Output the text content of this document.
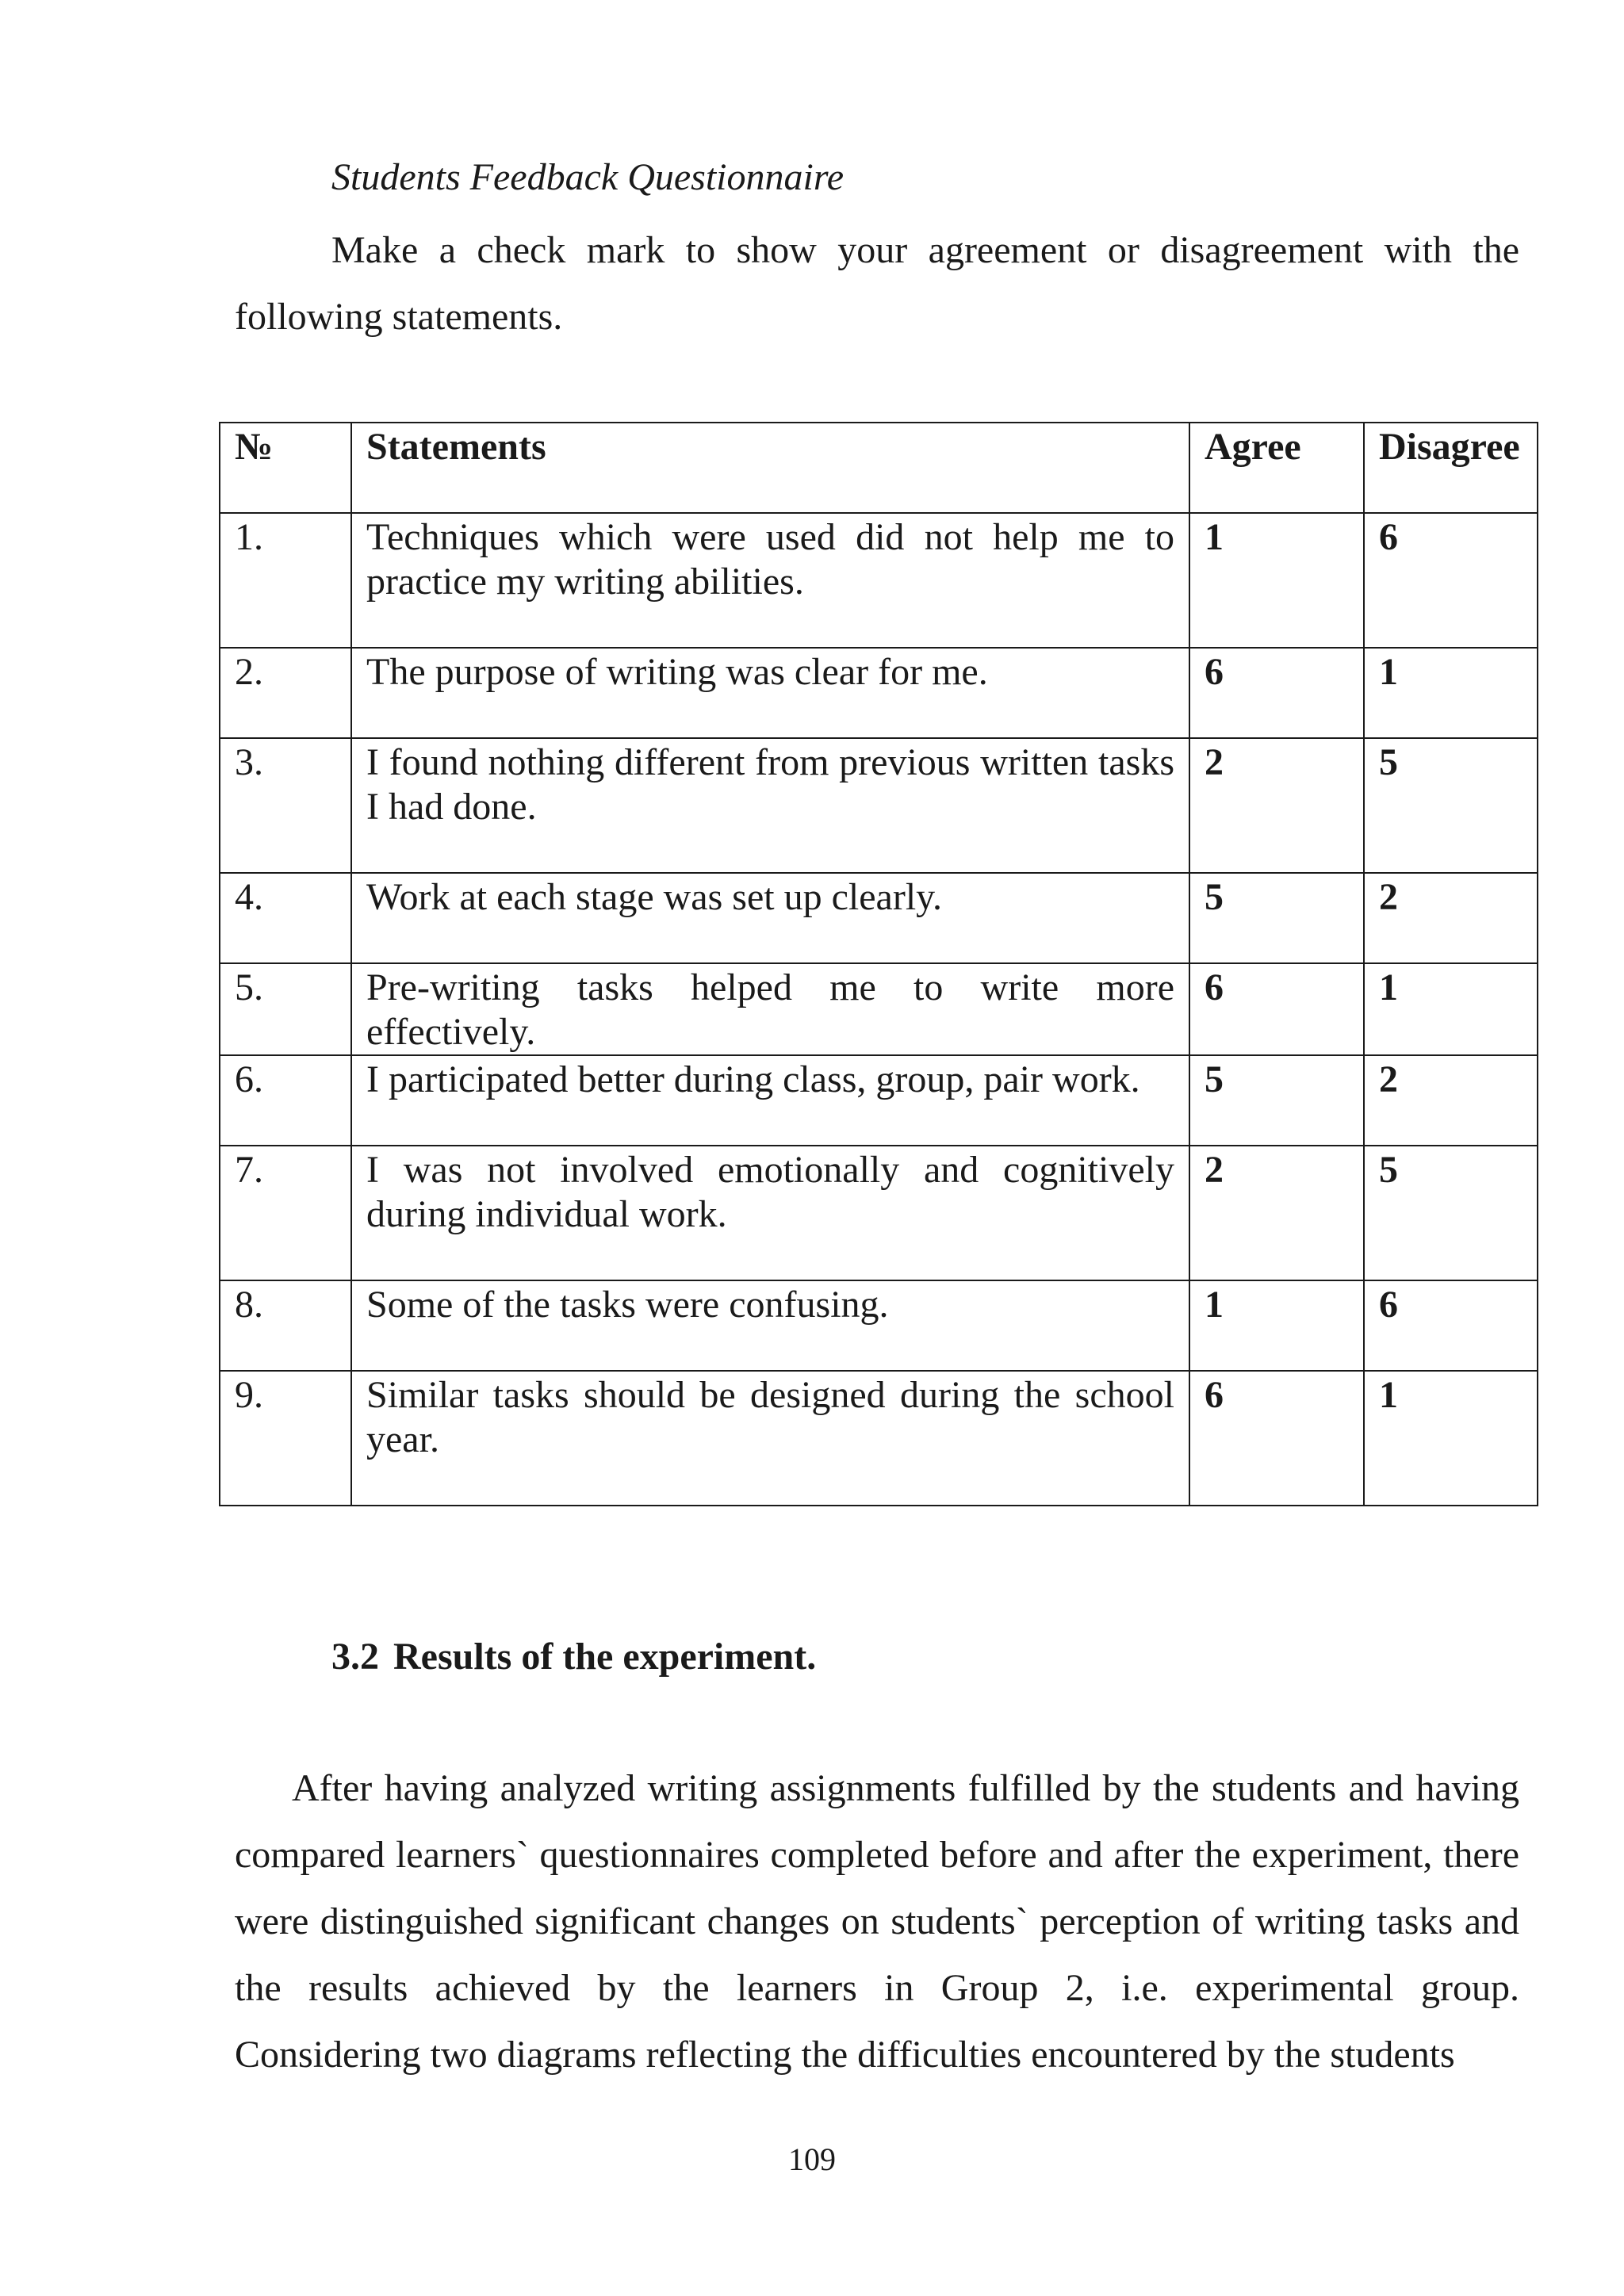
Students Feedback Questionnaire
Make a check mark to show your agreement or disagreement with the following statements.
№	Statements	Agree	Disagree
1.	Techniques which were used did not help me to practice my writing abilities.	1	6
2.	The purpose of writing was clear for me.	6	1
3.	I found nothing different from previous written tasks I had done.	2	5
4.	Work at each stage was set up clearly.	5	2
5.	Pre-writing tasks helped me to write more effectively.	6	1
6.	I participated better during class, group, pair work.	5	2
7.	I was not involved emotionally and cognitively during individual work.	2	5
8.	Some of the tasks were confusing.	1	6
9.	Similar tasks should be designed during the school year.	6	1
3.2 Results of the experiment.
After having analyzed writing assignments fulfilled by the students and having compared learners` questionnaires completed before and after the experiment, there were distinguished significant changes on students` perception of writing tasks and the results achieved by the learners in Group 2, i.e. experimental group. Considering two diagrams reflecting the difficulties encountered by the students
109
